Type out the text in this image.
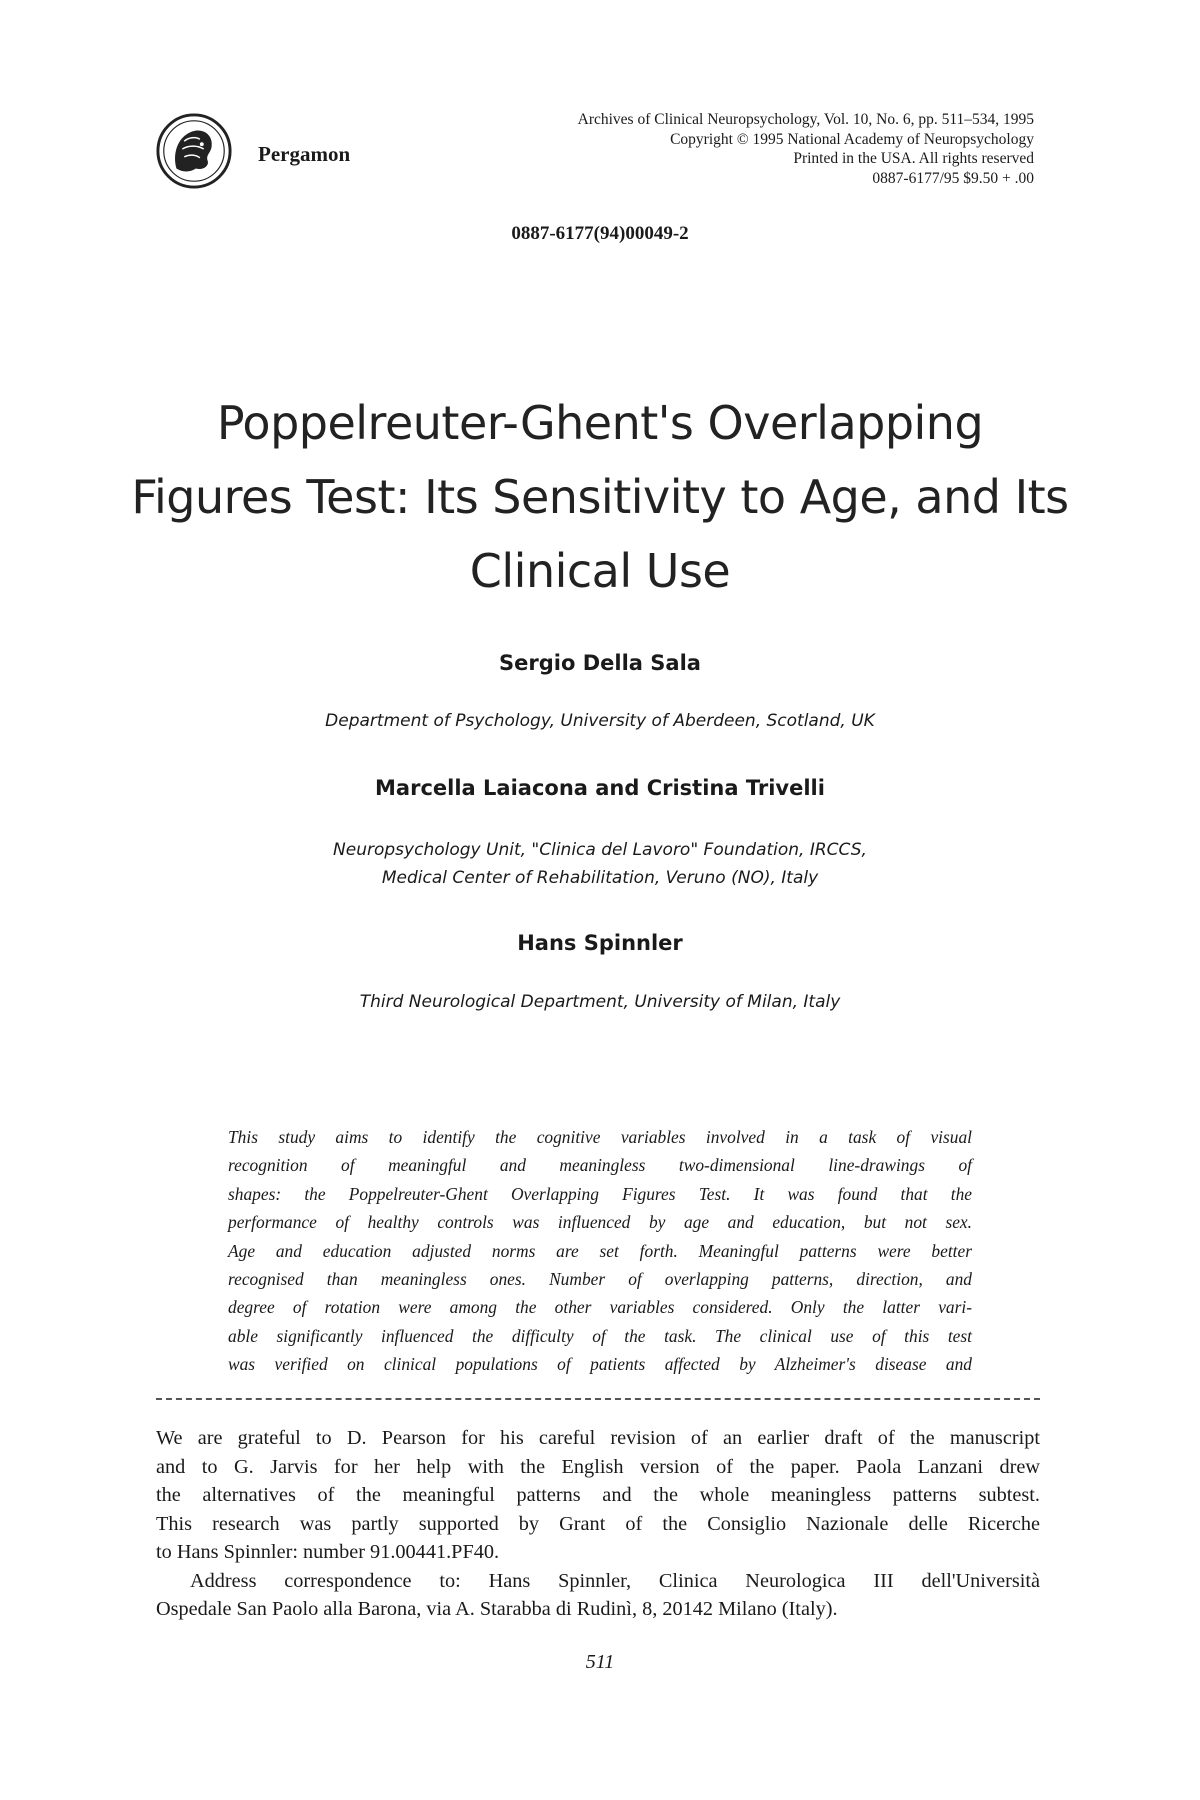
Pergamon
Archives of Clinical Neuropsychology, Vol. 10, No. 6, pp. 511–534, 1995
Copyright © 1995 National Academy of Neuropsychology
Printed in the USA. All rights reserved
0887-6177/95 $9.50 + .00
0887-6177(94)00049-2
Poppelreuter-Ghent's Overlapping
Figures Test: Its Sensitivity to Age, and Its
Clinical Use
Sergio Della Sala
Department of Psychology, University of Aberdeen, Scotland, UK
Marcella Laiacona and Cristina Trivelli
Neuropsychology Unit, "Clinica del Lavoro" Foundation, IRCCS,
Medical Center of Rehabilitation, Veruno (NO), Italy
Hans Spinnler
Third Neurological Department, University of Milan, Italy
This study aims to identify the cognitive variables involved in a task of visual
recognition of meaningful and meaningless two-dimensional line-drawings of
shapes: the Poppelreuter-Ghent Overlapping Figures Test. It was found that the
performance of healthy controls was influenced by age and education, but not sex.
Age and education adjusted norms are set forth. Meaningful patterns were better
recognised than meaningless ones. Number of overlapping patterns, direction, and
degree of rotation were among the other variables considered. Only the latter vari-
able significantly influenced the difficulty of the task. The clinical use of this test
was verified on clinical populations of patients affected by Alzheimer's disease and
We are grateful to D. Pearson for his careful revision of an earlier draft of the manuscript
and to G. Jarvis for her help with the English version of the paper. Paola Lanzani drew
the alternatives of the meaningful patterns and the whole meaningless patterns subtest.
This research was partly supported by Grant of the Consiglio Nazionale delle Ricerche
to Hans Spinnler: number 91.00441.PF40.
Address correspondence to: Hans Spinnler, Clinica Neurologica III dell'Università
Ospedale San Paolo alla Barona, via A. Starabba di Rudinì, 8, 20142 Milano (Italy).
511
